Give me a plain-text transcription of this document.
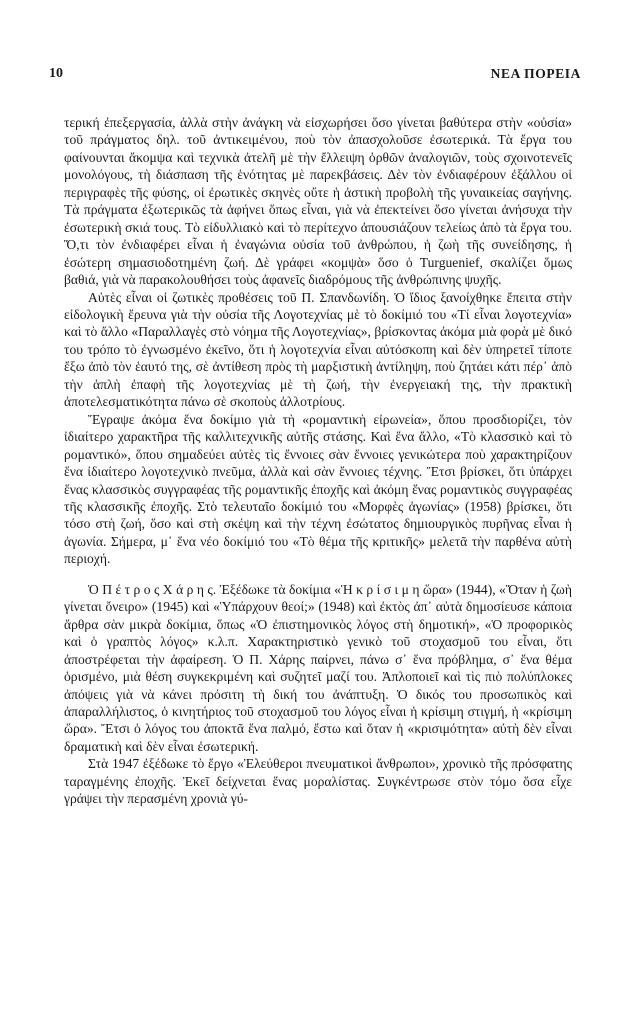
10	ΝΕΑ ΠΟΡΕΙΑ

τερική ἐπεξεργασία, ἀλλὰ στὴν ἀνάγκη νὰ εἰσχωρήσει ὅσο γίνεται βαθύτερα στὴν «οὐσία» τοῦ πράγματος δηλ. τοῦ ἀντικειμένου, ποὺ τὸν ἀπασχολοῦσε ἐσωτερικά. Τὰ ἔργα του φαίνουνται ἄκομψα καὶ τεχνικὰ ἀτελῆ μὲ τὴν ἔλλειψη ὀρθῶν ἀναλογιῶν, τοὺς σχοινοτενεῖς μονολόγους, τὴ διάσπαση τῆς ἑνότητας μὲ παρεκβάσεις. Δὲν τὸν ἐνδιαφέρουν ἐξάλλου οἱ περιγραφὲς τῆς φύσης, οἱ ἐρωτικὲς σκηνὲς οὔτε ἡ ἀστικὴ προβολὴ τῆς γυναικείας σαγήνης. Τὰ πράγματα ἐξωτερικῶς τὰ ἀφήνει ὅπως εἶναι, γιὰ νὰ ἐπεκτείνει ὅσο γίνεται ἀνήσυχα τὴν ἐσωτερικὴ σκιά τους. Τὸ εἰδυλλιακὸ καὶ τὸ περίτεχνο ἀπουσιάζουν τελείως ἀπὸ τὰ ἔργα του. Ὅ,τι τὸν ἐνδιαφέρει εἶναι ἡ ἐναγώνια οὐσία τοῦ ἀνθρώπου, ἡ ζωὴ τῆς συνείδησης, ἡ ἐσώτερη σημασιοδοτημένη ζωή. Δὲ γράφει «κομψὰ» ὅσο ὁ Turguenief, σκαλίζει ὅμως βαθιά, γιὰ νὰ παρακολουθήσει τοὺς ἀφανεῖς διαδρόμους τῆς ἀνθρώπινης ψυχῆς.

Αὐτὲς εἶναι οἱ ζωτικὲς προθέσεις τοῦ Π. Σπανδωνίδη. Ὁ ἴδιος ξανοίχθηκε ἔπειτα στὴν εἰδολογικὴ ἔρευνα γιὰ τὴν οὐσία τῆς Λογοτεχνίας μὲ τὸ δοκίμιό του «Τί εἶναι λογοτεχνία» καὶ τὸ ἄλλο «Παραλλαγὲς στὸ νόημα τῆς Λογοτεχνίας», βρίσκοντας ἀκόμα μιὰ φορὰ μὲ δικό του τρόπο τὸ ἐγνωσμένο ἐκεῖνο, ὅτι ἡ λογοτεχνία εἶναι αὐτόσκοπη καὶ δὲν ὑπηρετεῖ τίποτε ἔξω ἀπὸ τὸν ἑαυτό της, σὲ ἀντίθεση πρὸς τὴ μαρξιστικὴ ἀντίληψη, ποὺ ζητάει κάτι πέρ᾽ ἀπὸ τὴν ἁπλὴ ἐπαφὴ τῆς λογοτεχνίας μὲ τὴ ζωή, τὴν ἐνεργειακή της, τὴν πρακτικὴ ἀποτελεσματικότητα πάνω σὲ σκοποὺς ἀλλοτρίους.

Ἔγραψε ἀκόμα ἕνα δοκίμιο γιὰ τὴ «ρομαντικὴ εἰρωνεία», ὅπου προσδιορίζει, τὸν ἰδιαίτερο χαρακτῆρα τῆς καλλιτεχνικῆς αὐτῆς στάσης. Καὶ ἕνα ἄλλο, «Τὸ κλασσικὸ καὶ τὸ ρομαντικό», ὅπου σημαδεύει αὐτὲς τὶς ἔννοιες σὰν ἔννοιες γενικώτερα ποὺ χαρακτηρίζουν ἕνα ἰδιαίτερο λογοτεχνικὸ πνεῦμα, ἀλλὰ καὶ σὰν ἔννοιες τέχνης. Ἔτσι βρίσκει, ὅτι ὑπάρχει ἕνας κλασσικὸς συγγραφέας τῆς ρομαντικῆς ἐποχῆς καὶ ἀκόμη ἕνας ρομαντικὸς συγγραφέας τῆς κλασσικῆς ἐποχῆς. Στὸ τελευταῖο δοκίμιό του «Μορφὲς ἀγωνίας» (1958) βρίσκει, ὅτι τόσο στὴ ζωή, ὅσο καὶ στὴ σκέψη καὶ τὴν τέχνη ἐσώτατος δημιουργικὸς πυρῆνας εἶναι ἡ ἀγωνία. Σήμερα, μ᾽ ἕνα νέο δοκίμιό του «Τὸ θέμα τῆς κριτικῆς» μελετᾶ τὴν παρθένα αὐτὴ περιοχή.

Ὁ Π έ τ ρ ο ς Χ ά ρ η ς. Ἐξέδωκε τὰ δοκίμια «Ἡ κ ρ ί σ ι μ η ὥρα» (1944), «Ὅταν ἡ ζωὴ γίνεται ὄνειρο» (1945) καὶ «Ὑπάρχουν θεοί;» (1948) καὶ ἐκτὸς ἀπ᾽ αὐτὰ δημοσίευσε κάποια ἄρθρα σὰν μικρὰ δοκίμια, ὅπως «Ὁ ἐπιστημονικὸς λόγος στὴ δημοτική», «Ὁ προφορικὸς καὶ ὁ γραπτὸς λόγος» κ.λ.π. Χαρακτηριστικὸ γενικὸ τοῦ στοχασμοῦ του εἶναι, ὅτι ἀποστρέφεται τὴν ἀφαίρεση. Ὁ Π. Χάρης παίρνει, πάνω σ᾽ ἕνα πρόβλημα, σ᾽ ἕνα θέμα ὁρισμένο, μιὰ θέση συγκεκριμένη καὶ συζητεῖ μαζί του. Ἁπλοποιεῖ καὶ τὶς πιὸ πολύπλοκες ἀπόψεις γιὰ νὰ κάνει πρόσιτη τὴ δική του ἀνάπτυξη. Ὁ δικός του προσωπικὸς καὶ ἀπαραλλήλιστος, ὁ κινητήριος τοῦ στοχασμοῦ του λόγος εἶναι ἡ κρίσιμη στιγμή, ἡ «κρίσιμη ὥρα». Ἔτσι ὁ λόγος του ἀποκτᾶ ἕνα παλμό, ἔστω καὶ ὅταν ἡ «κρισιμότητα» αὐτὴ δὲν εἶναι δραματικὴ καὶ δὲν εἶναι ἐσωτερική.

Στὰ 1947 ἐξέδωκε τὸ ἔργο «Ἐλεύθεροι πνευματικοὶ ἄνθρωποι», χρονικὸ τῆς πρόσφατης ταραγμένης ἐποχῆς. Ἐκεῖ δείχνεται ἕνας μοραλίστας. Συγκέντρωσε στὸν τόμο ὅσα εἶχε γράψει τὴν περασμένη χρονιὰ γύ-
